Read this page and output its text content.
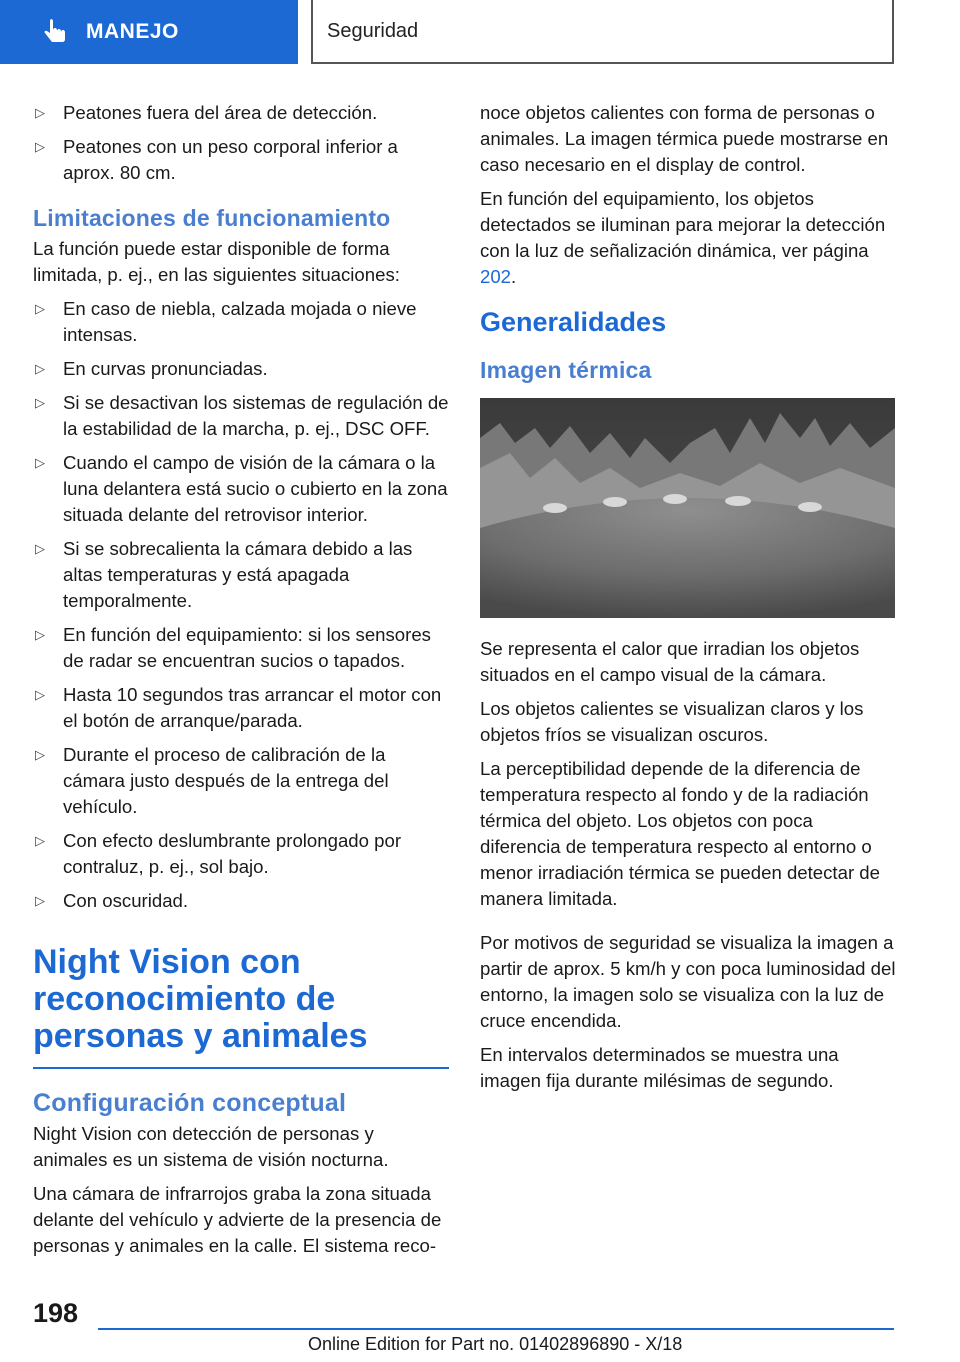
MANEJO	Seguridad
▷ Peatones fuera del área de detección.
▷ Peatones con un peso corporal inferior a aprox. 80 cm.
Limitaciones de funcionamiento

La función puede estar disponible de forma limitada, p. ej., en las siguientes situaciones:

▷ En caso de niebla, calzada mojada o nieve intensas.
▷ En curvas pronunciadas.
▷ Si se desactivan los sistemas de regulación de la estabilidad de la marcha, p. ej., DSC OFF.
▷ Cuando el campo de visión de la cámara o la luna delantera está sucio o cubierto en la zona situada delante del retrovisor interior.
▷ Si se sobrecalienta la cámara debido a las altas temperaturas y está apagada temporalmente.
▷ En función del equipamiento: si los sensores de radar se encuentran sucios o tapados.
▷ Hasta 10 segundos tras arrancar el motor con el botón de arranque/parada.
▷ Durante el proceso de calibración de la cámara justo después de la entrega del vehículo.
▷ Con efecto deslumbrante prolongado por contraluz, p. ej., sol bajo.
▷ Con oscuridad.
Night Vision con reconocimiento de personas y animales
Configuración conceptual

Night Vision con detección de personas y animales es un sistema de visión nocturna.

Una cámara de infrarrojos graba la zona situada delante del vehículo y advierte de la presencia de personas y animales en la calle. El sistema reco-

noce objetos calientes con forma de personas o animales. La imagen térmica puede mostrarse en caso necesario en el display de control.

En función del equipamiento, los objetos detectados se iluminan para mejorar la detección con la luz de señalización dinámica, ver página 202.

Generalidades
Imagen térmica

Se representa el calor que irradian los objetos situados en el campo visual de la cámara.

Los objetos calientes se visualizan claros y los objetos fríos se visualizan oscuros.

La perceptibilidad depende de la diferencia de temperatura respecto al fondo y de la radiación térmica del objeto. Los objetos con poca diferencia de temperatura respecto al entorno o menor irradiación térmica se pueden detectar de manera limitada.

Por motivos de seguridad se visualiza la imagen a partir de aprox. 5 km/h y con poca luminosidad del entorno, la imagen solo se visualiza con la luz de cruce encendida.

En intervalos determinados se muestra una imagen fija durante milésimas de segundo.

198
Online Edition for Part no. 01402896890 - X/18
